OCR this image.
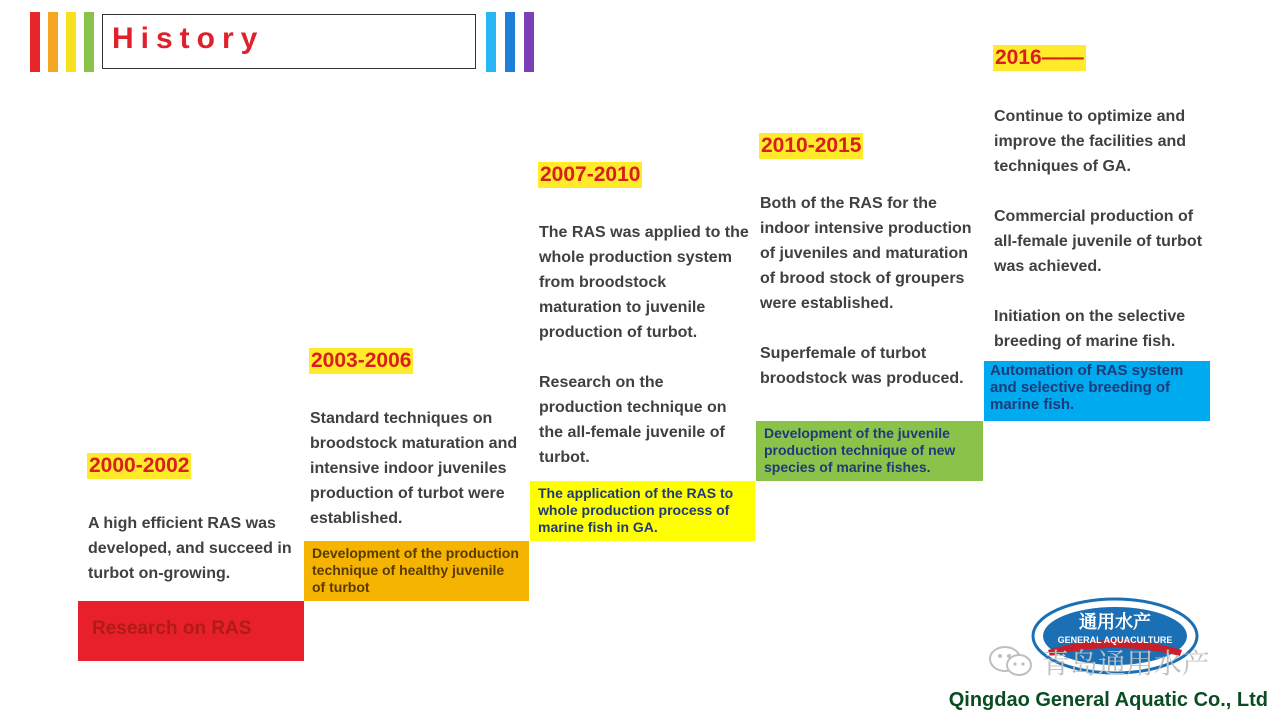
History
2000-2002

A high efficient RAS was developed, and succeed in turbot on-growing.

Research on RAS
2003-2006

Standard techniques on broodstock maturation and intensive indoor juveniles production of turbot were established.

Development of the production technique of healthy juvenile of turbot
2007-2010

The RAS was applied to the whole production system from broodstock maturation to juvenile production of turbot.

Research on the production technique on the all-female juvenile of turbot.

The application of the RAS to whole production process of marine fish in GA.
2010-2015

Both of the RAS for the indoor intensive production of juveniles and maturation of brood stock of groupers were established.

Superfemale of turbot broodstock was produced.

Development of the juvenile production technique of new species of marine fishes.
2016——

Continue to optimize and improve the facilities and techniques of GA.

Commercial production of all-female juvenile of turbot was achieved.

Initiation on the selective breeding of marine fish.

Automation of RAS system and selective breeding of marine fish.
通用水产
GENERAL AQUACULTURE
青岛通用水产
Qingdao General Aquatic Co., Ltd
